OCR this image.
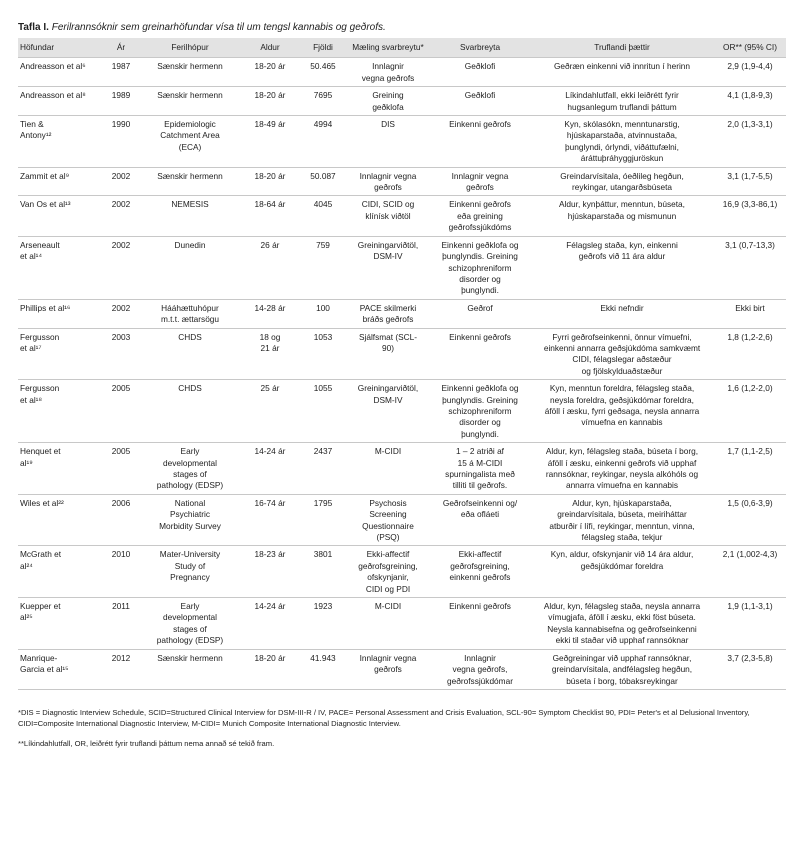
Tafla I. Ferilrannsóknir sem greinarhöfundar vísa til um tengsl kannabis og geðrofs.
Höfundar	Ár	Ferilhópur	Aldur	Fjöldi	Mæling svarbreytu*	Svarbreyta	Truflandi þættir	OR** (95% CI)
Andreasson et al⁶	1987	Sænskir hermenn	18-20 ár	50.465	Innlagnir
vegna geðrofs	Geðklofi	Geðræn einkenni við innritun í herinn	2,9 (1,9-4,4)
Andreasson et al⁸	1989	Sænskir hermenn	18-20 ár	7695	Greining
geðklofa	Geðklofi	Líkindahlutfall, ekki leiðrétt fyrir
hugsanlegum truflandi þáttum	4,1 (1,8-9,3)
Tien &
Antony¹²	1990	Epidemiologic
Catchment Area
(ECA)	18-49 ár	4994	DIS	Einkenni geðrofs	Kyn, skólasókn, menntunarstig,
hjúskaparstaða, atvinnustaða,
þunglyndi, órlyndi, viðáttufælni,
áráttuþráhyggjuröskun	2,0 (1,3-3,1)
Zammit et al⁹	2002	Sænskir hermenn	18-20 ár	50.087	Innlagnir vegna
geðrofs	Innlagnir vegna
geðrofs	Greindarvísitala, óeðlileg hegðun,
reykingar, utangarðsbúseta	3,1 (1,7-5,5)
Van Os et al¹³	2002	NEMESIS	18-64 ár	4045	CIDI, SCID og
klínísk viðtöl	Einkenni geðrofs
eða greining
geðrofssjúkdóms	Aldur, kynþáttur, menntun, búseta,
hjúskaparstaða og mismunun	16,9 (3,3-86,1)
Arseneault
et al¹⁴	2002	Dunedin	26 ár	759	Greiningarviðtöl,
DSM-IV	Einkenni geðklofa og
þunglyndis. Greining
schizophreniform
disorder og
þunglyndi.	Félagsleg staða, kyn, einkenni
geðrofs við 11 ára aldur	3,1 (0,7-13,3)
Phillips et al¹⁶	2002	Hááhættuhópur
m.t.t. ættarsögu	14-28 ár	100	PACE skilmerki
bráðs geðrofs	Geðrof	Ekki nefndir	Ekki birt
Fergusson
et al¹⁷	2003	CHDS	18 og
21 ár	1053	Sjálfsmat (SCL-
90)	Einkenni geðrofs	Fyrri geðrofseinkenni, önnur vímuefni,
einkenni annarra geðsjúkdóma samkvæmt
CIDI, félagslegar aðstæður
og fjölskylduaðstæður	1,8 (1,2-2,6)
Fergusson
et al¹⁸	2005	CHDS	25 ár	1055	Greiningarviðtöl,
DSM-IV	Einkenni geðklofa og
þunglyndis. Greining
schizophreniform
disorder og
þunglyndi.	Kyn, menntun foreldra, félagsleg staða,
neysla foreldra, geðsjúkdómar foreldra,
áföll í æsku, fyrri geðsaga, neysla annarra
vímuefna en kannabis	1,6 (1,2-2,0)
Henquet et
al¹⁹	2005	Early
developmental
stages of
pathology (EDSP)	14-24 ár	2437	M-CIDI	1 – 2 atriði af
15 á M-CIDI
spurningalista með
tilliti til geðrofs.	Aldur, kyn, félagsleg staða, búseta í borg,
áföll í æsku, einkenni geðrofs við upphaf
rannsóknar, reykingar, neysla alkóhóls og
annarra vímuefna en kannabis	1,7 (1,1-2,5)
Wiles et al²²	2006	National
Psychiatric
Morbidity Survey	16-74 ár	1795	Psychosis
Screening
Questionnaire
(PSQ)	Geðrofseinkenni og/
eða ofláeti	Aldur, kyn, hjúskaparstaða,
greindarvísitala, búseta, meiriháttar
atburðir í lífi, reykingar, menntun, vinna,
félagsleg staða, tekjur	1,5 (0,6-3,9)
McGrath et
al²⁴	2010	Mater-University
Study of
Pregnancy	18-23 ár	3801	Ekki-affectif
geðrofsgreining,
ofskynjanir,
CIDI og PDI	Ekki-affectif
geðrofsgreining,
einkenni geðrofs	Kyn, aldur, ofskynjanir við 14 ára aldur,
geðsjúkdómar foreldra	2,1 (1,002-4,3)
Kuepper et
al²⁵	2011	Early
developmental
stages of
pathology (EDSP)	14-24 ár	1923	M-CIDI	Einkenni geðrofs	Aldur, kyn, félagsleg staða, neysla annarra
vímugjafa, áföll í æsku, ekki föst búseta.
Neysla kannabisefna og geðrofseinkenni
ekki til staðar við upphaf rannsóknar	1,9 (1,1-3,1)
Manrique-
Garcia et al¹⁵	2012	Sænskir hermenn	18-20 ár	41.943	Innlagnir vegna
geðrofs	Innlagnir
vegna geðrofs,
geðrofssjúkdómar	Geðgreiningar við upphaf rannsóknar,
greindarvísitala, andfélagsleg hegðun,
búseta í borg, tóbaksreykingar	3,7 (2,3-5,8)
*DIS = Diagnostic Interview Schedule, SCID=Structured Clinical Interview for DSM-III-R / IV, PACE= Personal Assessment and Crisis Evaluation, SCL-90= Symptom Checklist 90, PDI= Peter's et al Delusional Inventory, CIDI=Composite International Diagnostic Interview, M-CIDI= Munich Composite International Diagnostic Interview.
**Líkindahlutfall, OR, leiðrétt fyrir truflandi þáttum nema annað sé tekið fram.
